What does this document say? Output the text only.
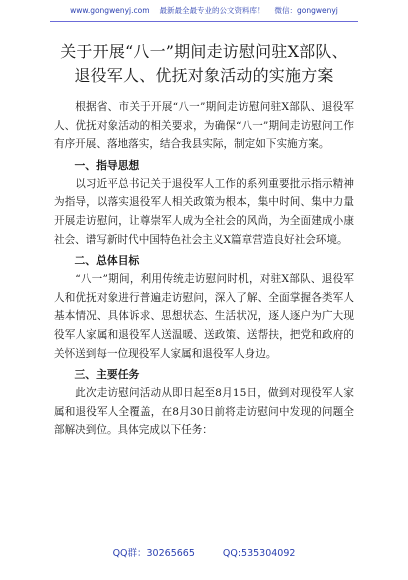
www.gongwenyj.com 最新最全最专业的公文资料库！ 微信：gongwenyj
关于开展“八一”期间走访慰问驻X部队、
退役军人、优抚对象活动的实施方案

根据省、市关于开展“八一”期间走访慰问驻X部队、退役军人、优抚对象活动的相关要求，为确保“八一”期间走访慰问工作有序开展、落地落实，结合我县实际，制定如下实施方案。

一、指导思想

以习近平总书记关于退役军人工作的系列重要批示指示精神为指导，以落实退役军人相关政策为根本，集中时间、集中力量开展走访慰问，让尊崇军人成为全社会的风尚，为全面建成小康社会、谱写新时代中国特色社会主义X篇章营造良好社会环境。

二、总体目标

“八一”期间，利用传统走访慰问时机，对驻X部队、退役军人和优抚对象进行普遍走访慰问，深入了解、全面掌握各类军人基本情况、具体诉求、思想状态、生活状况，逐人逐户为广大现役军人家属和退役军人送温暖、送政策、送帮扶，把党和政府的关怀送到每一位现役军人家属和退役军人身边。

三、主要任务

此次走访慰问活动从即日起至8月15日，做到对现役军人家属和退役军人全覆盖，在8月30日前将走访慰问中发现的问题全部解决到位。具体完成以下任务：

QQ群：30265665	QQ:535304092
